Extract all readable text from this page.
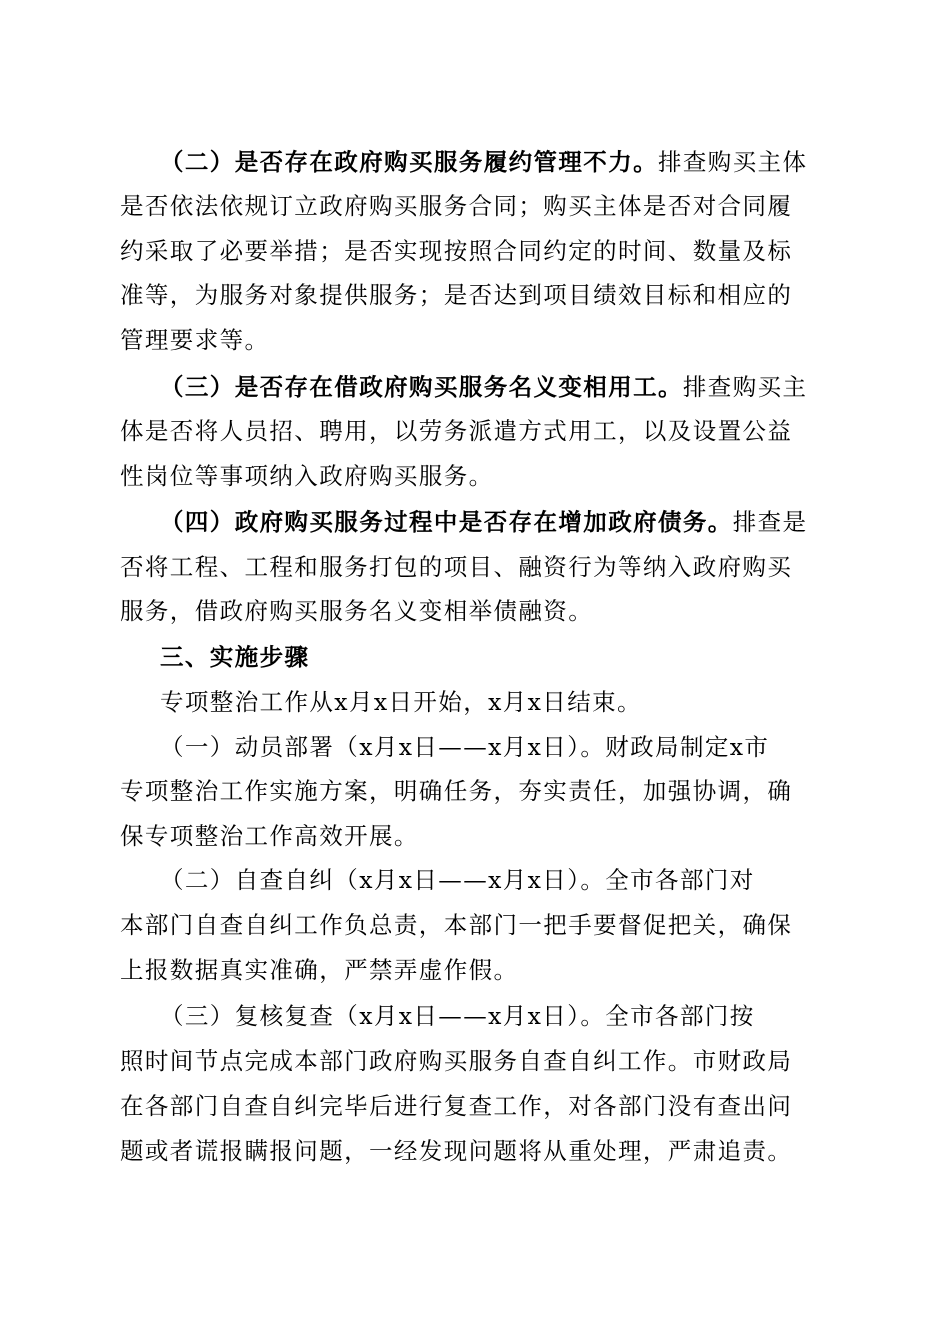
（二）是否存在政府购买服务履约管理不力。排查购买主体
是否依法依规订立政府购买服务合同；购买主体是否对合同履
约采取了必要举措；是否实现按照合同约定的时间、数量及标
准等，为服务对象提供服务；是否达到项目绩效目标和相应的
管理要求等。
（三）是否存在借政府购买服务名义变相用工。排查购买主
体是否将人员招、聘用，以劳务派遣方式用工，以及设置公益
性岗位等事项纳入政府购买服务。
（四）政府购买服务过程中是否存在增加政府债务。排查是
否将工程、工程和服务打包的项目、融资行为等纳入政府购买
服务，借政府购买服务名义变相举债融资。
三、实施步骤
专项整治工作从x月x日开始，x月x日结束。
（一）动员部署（x月x日——x月x日）。财政局制定x市
专项整治工作实施方案，明确任务，夯实责任，加强协调，确
保专项整治工作高效开展。
（二）自查自纠（x月x日——x月x日）。全市各部门对
本部门自查自纠工作负总责，本部门一把手要督促把关，确保
上报数据真实准确，严禁弄虚作假。
（三）复核复查（x月x日——x月x日）。全市各部门按
照时间节点完成本部门政府购买服务自查自纠工作。市财政局
在各部门自查自纠完毕后进行复查工作，对各部门没有查出问
题或者谎报瞒报问题，一经发现问题将从重处理，严肃追责。
